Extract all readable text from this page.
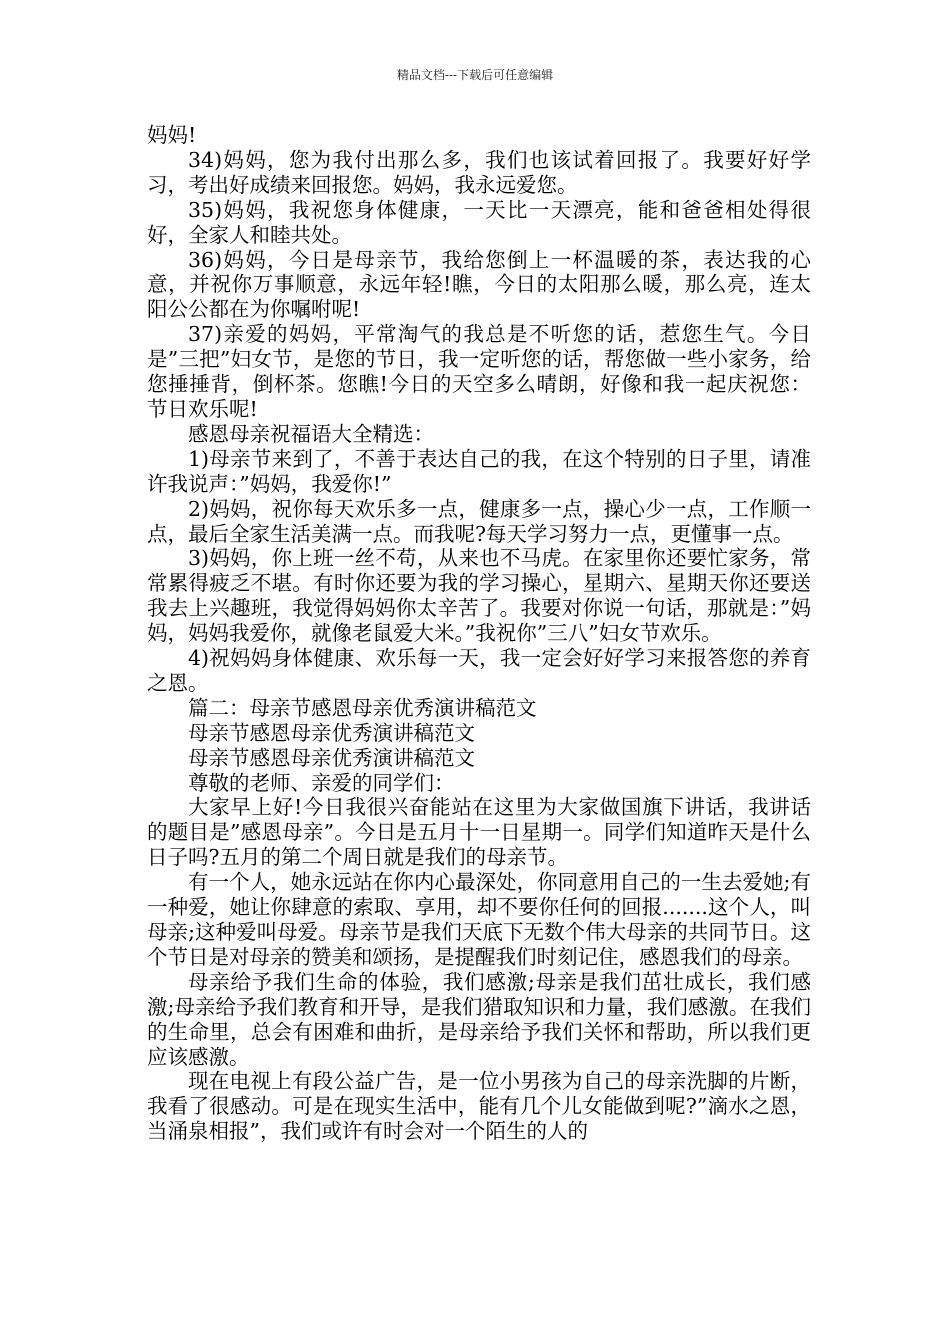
精品文档---下载后可任意编辑

妈妈!

34)妈妈，您为我付出那么多，我们也该试着回报了。我要好好学习，考出好成绩来回报您。妈妈，我永远爱您。

35)妈妈，我祝您身体健康，一天比一天漂亮，能和爸爸相处得很好，全家人和睦共处。

36)妈妈，今日是母亲节，我给您倒上一杯温暖的茶，表达我的心意，并祝你万事顺意，永远年轻!瞧，今日的太阳那么暖，那么亮，连太阳公公都在为你嘱咐呢!

37)亲爱的妈妈，平常淘气的我总是不听您的话，惹您生气。今日是”三把”妇女节，是您的节日，我一定听您的话，帮您做一些小家务，给您捶捶背，倒杯茶。您瞧!今日的天空多么晴朗，好像和我一起庆祝您：节日欢乐呢!

感恩母亲祝福语大全精选：

1)母亲节来到了，不善于表达自己的我，在这个特别的日子里，请准许我说声：”妈妈，我爱你!”

2)妈妈，祝你每天欢乐多一点，健康多一点，操心少一点，工作顺一点，最后全家生活美满一点。而我呢?每天学习努力一点，更懂事一点。

3)妈妈，你上班一丝不苟，从来也不马虎。在家里你还要忙家务，常常累得疲乏不堪。有时你还要为我的学习操心，星期六、星期天你还要送我去上兴趣班，我觉得妈妈你太辛苦了。我要对你说一句话，那就是：”妈妈，妈妈我爱你，就像老鼠爱大米。”我祝你”三八”妇女节欢乐。

4)祝妈妈身体健康、欢乐每一天，我一定会好好学习来报答您的养育之恩。

篇二：母亲节感恩母亲优秀演讲稿范文

母亲节感恩母亲优秀演讲稿范文

母亲节感恩母亲优秀演讲稿范文

尊敬的老师、亲爱的同学们：

大家早上好!今日我很兴奋能站在这里为大家做国旗下讲话，我讲话的题目是”感恩母亲”。今日是五月十一日星期一。同学们知道昨天是什么日子吗?五月的第二个周日就是我们的母亲节。

有一个人，她永远站在你内心最深处，你同意用自己的一生去爱她;有一种爱，她让你肆意的索取、享用，却不要你任何的回报.......这个人，叫母亲;这种爱叫母爱。母亲节是我们天底下无数个伟大母亲的共同节日。这个节日是对母亲的赞美和颂扬，是提醒我们时刻记住，感恩我们的母亲。

母亲给予我们生命的体验，我们感激;母亲是我们茁壮成长，我们感激;母亲给予我们教育和开导，是我们猎取知识和力量，我们感激。在我们的生命里，总会有困难和曲折，是母亲给予我们关怀和帮助，所以我们更应该感激。

现在电视上有段公益广告，是一位小男孩为自己的母亲洗脚的片断，我看了很感动。可是在现实生活中，能有几个儿女能做到呢?”滴水之恩，当涌泉相报”，我们或许有时会对一个陌生的人的
